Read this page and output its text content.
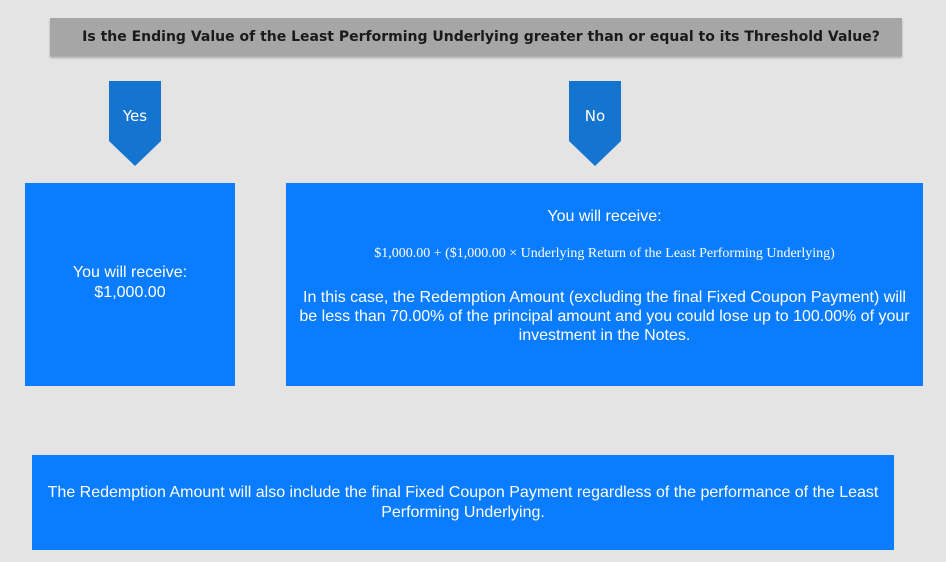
Is the Ending Value of the Least Performing Underlying greater than or equal to its Threshold Value?
Yes	No
You will receive:
$1,000.00
You will receive:
$1,000.00 + ($1,000.00 × Underlying Return of the Least Performing Underlying)
In this case, the Redemption Amount (excluding the final Fixed Coupon Payment) will be less than 70.00% of the principal amount and you could lose up to 100.00% of your investment in the Notes.
The Redemption Amount will also include the final Fixed Coupon Payment regardless of the performance of the Least Performing Underlying.
